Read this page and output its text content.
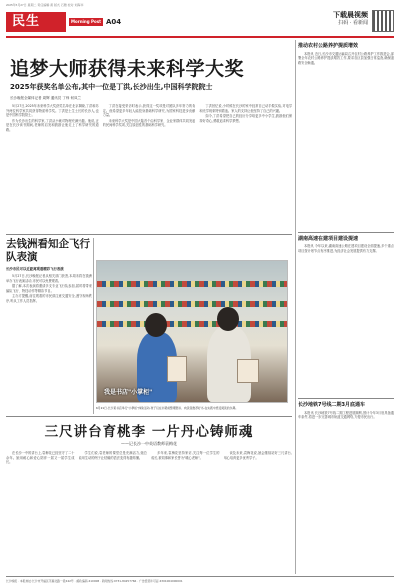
2025年5月27日 星期二 责任编辑 黄 版式 石雅 校对 刘海华
民生	Morning Post A04
下载晨视频
扫码 · 看新闻
追梦大师获得未来科学大奖
2025年获奖名单公布,其中一位是丁洪,长沙出生,中国科学院院士
长沙晚报全媒体记者 周辉 通讯员 丁炜 何凤兰

5月27日,2025年未来科学大奖获奖名单在北京揭晓,丁洪和另外两位科学家共同获得物质科学奖。丁洪是土生土长的长沙人,也是中国科学院院士。

作为长沙出生的科学家,丁洪从小就对物理充满兴趣。他说,正是在长沙读书期间,老师的启发和鼓励让他走上了科学研究的道路。

丁洪在接受采访时表示,获得这一奖项是对团队多年努力的肯定。他希望更多年轻人能投身基础科学研究,为国家科技进步贡献力量。

未来科学大奖是中国大陆首个由科学家、企业家群体共同发起的民间科学奖项,关注原创性的基础科学研究。

丁洪回忆说,小时候在长沙的家中经常自己动手做实验,对电学和光学现象特别着迷。家人的支持让他坚持了自己的兴趣。

如今,丁洪希望把自己的经历分享给更多中小学生,鼓励他们保持好奇心,勇敢追求科学梦想。

去钱洲看知企飞行队表演
长沙市民可以近距离观看精彩飞行表演

5月27日,长沙晚报记者从相关部门获悉,本周末将在钱洲举办飞行表演活动,市民可以免费观看。

据了解,本次表演将邀请多支专业飞行队参加,届时将带来编队飞行、特技动作等精彩节目。

主办方提醒,前往观看的市民请注意交通安全,遵守现场秩序,听从工作人员指挥。

我是书店"小掌柜"
6月21日,长沙某书店举行"小掌柜"体验活动,孩子们在书架前整理图书、向读者推荐好书,在实践中感受阅读的乐趣。
三尺讲台育桃李 一片丹心铸师魂
——记长沙一中英语教师袁梅花

在长沙一中的讲台上,袁梅花已经坚守了二十余年。她用耐心和爱心陪伴一届又一届学生成长。

学生们说,袁老师的课堂总是充满活力,她总能用生动的例子让枯燥的语法变得有趣易懂。

多年来,袁梅花坚持家访,关注每一位学生的成长,被同事和家长誉为"暖心老师"。

谈及未来,袁梅花说,她会继续站好三尺讲台,用心培育更多优秀学子。

推动农村公路养护提质增效

本报讯 近日,长沙市交通运输局召开农村公路养护工作推进会,部署全年农村公路养护提质增效工作,要求各区县加强日常巡查,确保道路安全畅通。

湖南高速在建项目建设提速

本报讯 今年以来,湖南高速公路在建项目建设全面提速,多个重点项目按计划节点有序推进,为经济社会发展提供有力支撑。

长沙地铁7号线二期3月底通车

本报讯 长沙地铁7号线二期工程进展顺利,预计今年3月底具备通车条件,将进一步完善城市轨道交通网络,方便市民出行。

长沙晚报 · 本报地址:长沙市开福区芙蓉北路一段442号 · 邮政编码:410008 · 新闻热线:0731-84257766 · 广告经营许可证:4301004000001
